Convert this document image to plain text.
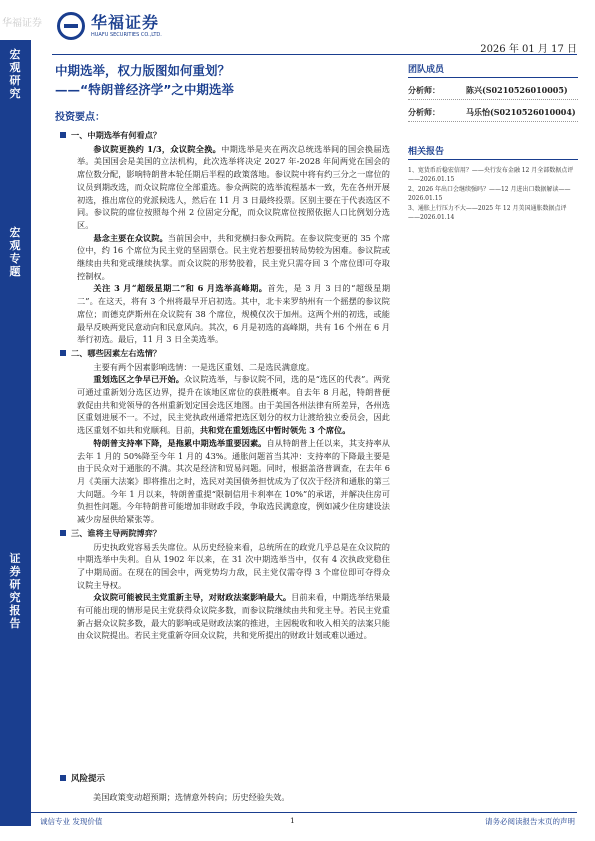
华福证券	华福证券
HUAFU SECURITIES CO.,LTD.
2026 年 01 月 17 日
宏观研究
宏观专题
证券研究报告
中期选举，权力版图如何重划？
——“特朗普经济学”之中期选举
投资要点：
团队成员
分析师：	陈兴(S0210526010005)
分析师：	马乐怡(S0210526010004)
相关报告
1、宽货币后稳宏信用？——央行发布金融 12 月全部数据点评——2026.01.15
2、2026 年出口会继续强吗？——12 月进出口数据解读——2026.01.15
3、通胀上行压力不大——2025 年 12 月美国通胀数据点评——2026.01.14
一、中期选举有何看点？

参议院更换约 1/3，众议院全换。中期选举是夹在两次总统选举间的国会换届选举。美国国会是美国的立法机构，此次选举将决定 2027 年-2028 年间两党在国会的席位数分配，影响特朗普本轮任期后半程的政策落地。参议院中将有约三分之一席位的议员到期改选，而众议院席位全部重选。参众两院的选举流程基本一致，先在各州开展初选，推出席位的党派候选人，然后在 11 月 3 日最终投票。区别主要在于代表选区不同。参议院的席位按照每个州 2 位固定分配，而众议院席位按照依据人口比例划分选区。

悬念主要在众议院。当前国会中，共和党横扫参众两院。在参议院变更的 35 个席位中，约 16 个席位为民主党的坚固票仓。民主党若想要扭转局势较为困难。参议院或继续由共和党或继续执掌。而众议院的形势胶着，民主党只需夺回 3 个席位即可夺取控制权。

关注 3 月“超级星期二”和 6 月选举高峰期。首先，是 3 月 3 日的“超级星期二”。在这天，将有 3 个州将最早开启初选。其中，北卡来罗纳州有一个摇摆的参议院席位；而德克萨斯州在众议院有 38 个席位，规模仅次于加州。这两个州的初选，或能最早反映两党民意动向和民意风向。其次，6 月是初选的高峰期，共有 16 个州在 6 月举行初选。最后，11 月 3 日全美选举。

二、哪些因素左右选情？

主要有两个因素影响选情：一是选区重划、二是选民满意度。

重划选区之争早已开始。众议院选举，与参议院不同，选的是“选区的代表”。两党可通过重新划分选区边界，提升在该地区席位的获胜概率。自去年 8 月起，特朗普便敦促由共和党领导的各州重新划定国会选区地图。由于美国各州法律有所差异，各州选区重划进展不一。不过，民主党执政州通常把选区划分的权力让渡给独立委员会，因此选区重划不如共和党顺利。目前，共和党在重划选区中暂时领先 3 个席位。

特朗普支持率下降，是拖累中期选举重要因素。自从特朗普上任以来，其支持率从去年 1 月的 50%降至今年 1 月的 43%。通胀问题首当其冲：支持率的下降最主要是由于民众对于通胀的不满。其次是经济和贸易问题。同时，根据盖洛普调查，在去年 6 月《美丽大法案》即将推出之时，选民对美国债务担忧成为了仅次于经济和通胀的第三大问题。今年 1 月以来，特朗普重提“限制信用卡利率在 10%”的承诺，并解决住房可负担性问题。今年特朗普可能增加非财政手段，争取选民满意度，例如减少住房建设法减少房屋供给紧张等。

三、谁将主导两院博弈？

历史执政党容易丢失席位。从历史经验来看，总统所在的政党几乎总是在众议院的中期选举中失利。自从 1902 年以来，在 31 次中期选举当中，仅有 4 次执政党稳住了中期局面。在现在的国会中，两党势均力敌，民主党仅需夺得 3 个席位即可夺得众议院主导权。

众议院可能被民主党重新主导，对财政法案影响最大。目前来看，中期选举结果最有可能出现的情形是民主党获得众议院多数，而参议院继续由共和党主导。若民主党重新占据众议院多数，最大的影响或是财政法案的推进，主因税收和收入相关的法案只能由众议院提出。若民主党重新夺回众议院，共和党所提出的财政计划或难以通过。

风险提示
美国政策变动超预期；选情意外转向；历史经验失效。
诚信专业 发现价值	1	请务必阅读报告末页的声明
